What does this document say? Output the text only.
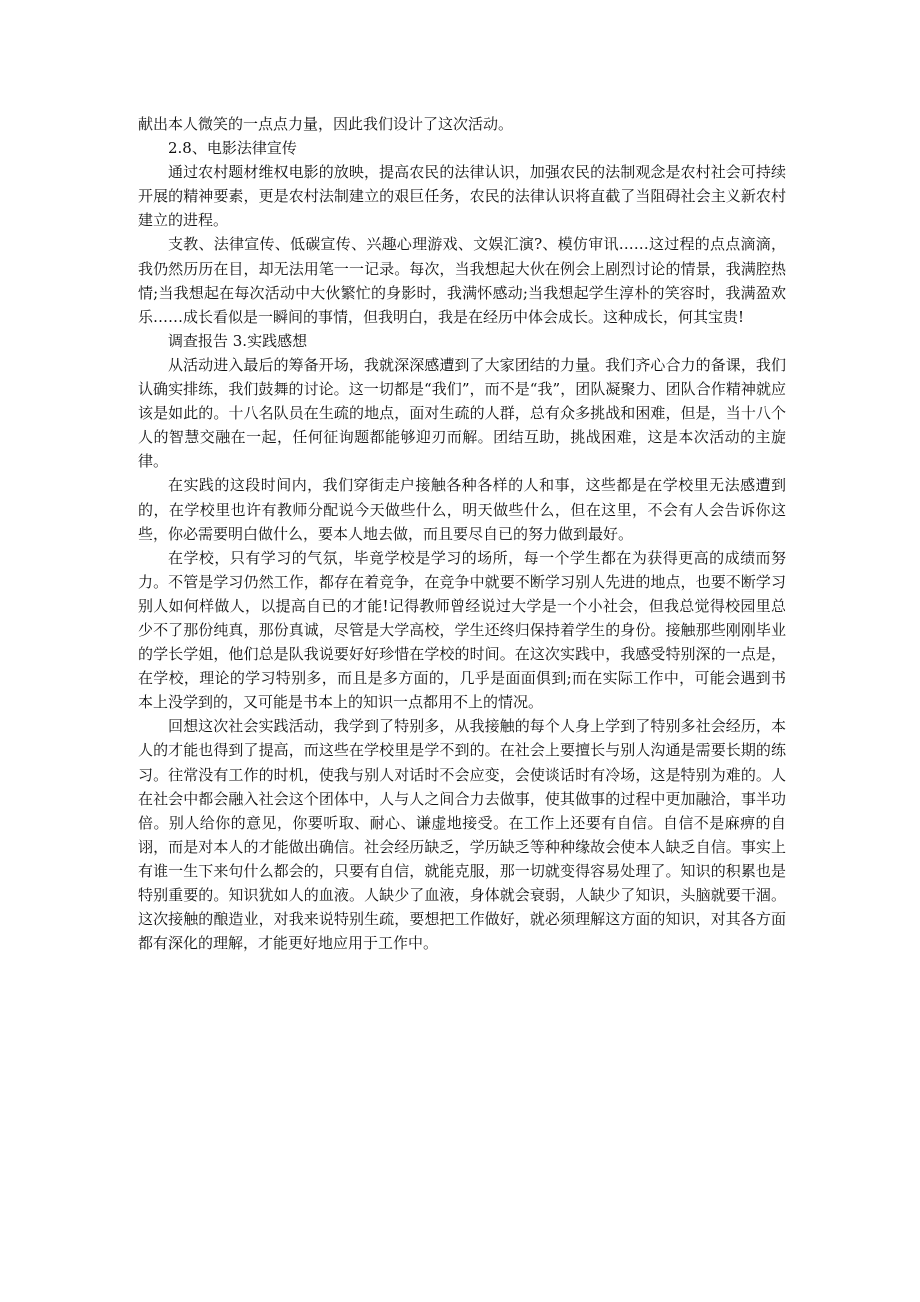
献出本人微笑的一点点力量，因此我们设计了这次活动。

2.8、电影法律宣传

通过农村题材维权电影的放映，提高农民的法律认识，加强农民的法制观念是农村社会可持续开展的精神要素，更是农村法制建立的艰巨任务，农民的法律认识将直截了当阻碍社会主义新农村建立的进程。

支教、法律宣传、低碳宣传、兴趣心理游戏、文娱汇演?、模仿审讯……这过程的点点滴滴，我仍然历历在目，却无法用笔一一记录。每次，当我想起大伙在例会上剧烈讨论的情景，我满腔热情;当我想起在每次活动中大伙繁忙的身影时，我满怀感动;当我想起学生淳朴的笑容时，我满盈欢乐……成长看似是一瞬间的事情，但我明白，我是在经历中体会成长。这种成长，何其宝贵!

调查报告 3.实践感想

从活动进入最后的筹备开场，我就深深感遭到了大家团结的力量。我们齐心合力的备课，我们认确实排练，我们鼓舞的讨论。这一切都是“我们”，而不是“我”，团队凝聚力、团队合作精神就应该是如此的。十八名队员在生疏的地点，面对生疏的人群，总有众多挑战和困难，但是，当十八个人的智慧交融在一起，任何征询题都能够迎刃而解。团结互助，挑战困难，这是本次活动的主旋律。

在实践的这段时间内，我们穿街走户接触各种各样的人和事，这些都是在学校里无法感遭到的，在学校里也许有教师分配说今天做些什么，明天做些什么，但在这里，不会有人会告诉你这些，你必需要明白做什么，要本人地去做，而且要尽自已的努力做到最好。

在学校，只有学习的气氛，毕竟学校是学习的场所，每一个学生都在为获得更高的成绩而努力。不管是学习仍然工作，都存在着竞争，在竞争中就要不断学习别人先进的地点，也要不断学习别人如何样做人，以提高自已的才能!记得教师曾经说过大学是一个小社会，但我总觉得校园里总少不了那份纯真，那份真诚，尽管是大学高校，学生还终归保持着学生的身份。接触那些刚刚毕业的学长学姐，他们总是队我说要好好珍惜在学校的时间。在这次实践中，我感受特别深的一点是，在学校，理论的学习特别多，而且是多方面的，几乎是面面俱到;而在实际工作中，可能会遇到书本上没学到的，又可能是书本上的知识一点都用不上的情况。

回想这次社会实践活动，我学到了特别多，从我接触的每个人身上学到了特别多社会经历，本人的才能也得到了提高，而这些在学校里是学不到的。在社会上要擅长与别人沟通是需要长期的练习。往常没有工作的时机，使我与别人对话时不会应变，会使谈话时有冷场，这是特别为难的。人在社会中都会融入社会这个团体中，人与人之间合力去做事，使其做事的过程中更加融洽，事半功倍。别人给你的意见，你要听取、耐心、谦虚地接受。在工作上还要有自信。自信不是麻痹的自诩，而是对本人的才能做出确信。社会经历缺乏，学历缺乏等种种缘故会使本人缺乏自信。事实上有谁一生下来句什么都会的，只要有自信，就能克服，那一切就变得容易处理了。知识的积累也是特别重要的。知识犹如人的血液。人缺少了血液，身体就会衰弱，人缺少了知识，头脑就要干涸。这次接触的酿造业，对我来说特别生疏，要想把工作做好，就必须理解这方面的知识，对其各方面都有深化的理解，才能更好地应用于工作中。
